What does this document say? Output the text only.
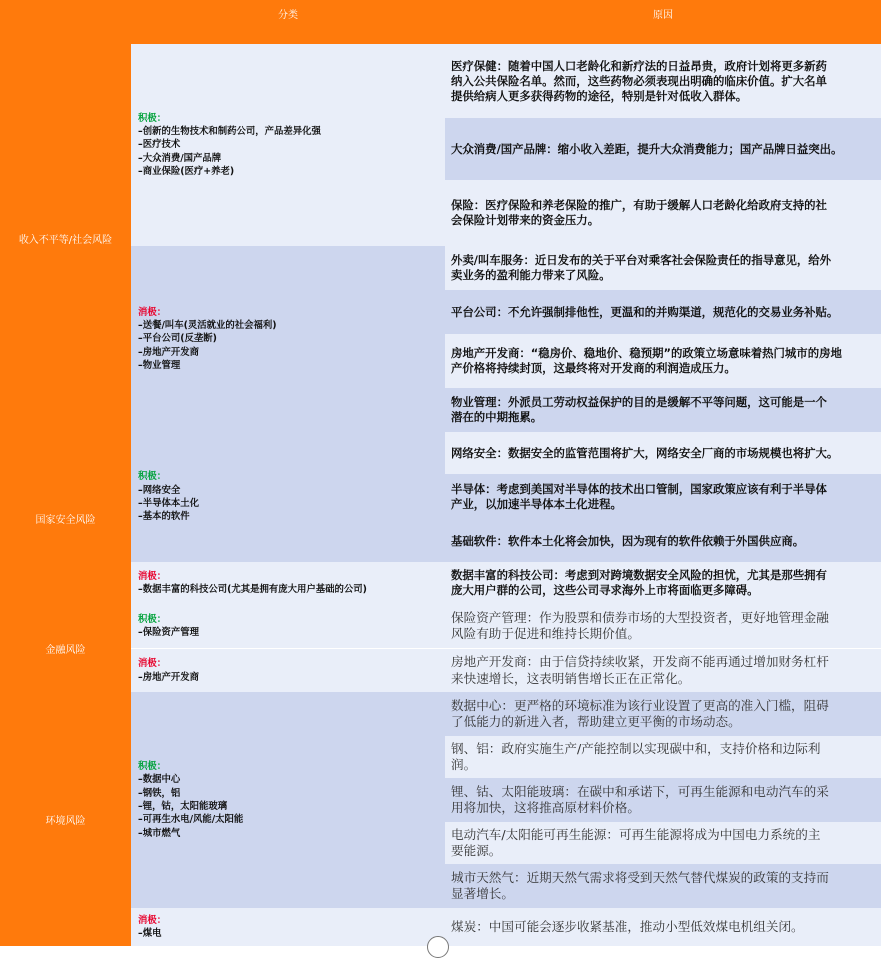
分类	原因
收入不平等/社会风险
国家安全风险
金融风险
环境风险
积极：
–创新的生物技术和制药公司，产品差异化强
–医疗技术
–大众消费/国产品牌
–商业保险(医疗+养老)
消极：
–送餐/叫车(灵活就业的社会福利)
–平台公司(反垄断)
–房地产开发商
–物业管理
积极：
–网络安全
–半导体本土化
–基本的软件
消极：
–数据丰富的科技公司(尤其是拥有庞大用户基础的公司)
积极：
–保险资产管理
消极：
–房地产开发商
积极：
–数据中心
–钢铁，铝
–锂，钴，太阳能玻璃
–可再生水电/风能/太阳能
–城市燃气
消极：
–煤电
医疗保健：随着中国人口老龄化和新疗法的日益昂贵，政府计划将更多新药
纳入公共保险名单。然而，这些药物必须表现出明确的临床价值。扩大名单
提供给病人更多获得药物的途径，特别是针对低收入群体。
大众消费/国产品牌：缩小收入差距，提升大众消费能力；国产品牌日益突出。
保险：医疗保险和养老保险的推广，有助于缓解人口老龄化给政府支持的社
会保险计划带来的资金压力。
外卖/叫车服务：近日发布的关于平台对乘客社会保险责任的指导意见，给外
卖业务的盈利能力带来了风险。
平台公司：不允许强制排他性，更温和的并购渠道，规范化的交易业务补贴。
房地产开发商：“稳房价、稳地价、稳预期”的政策立场意味着热门城市的房地
产价格将持续封顶，这最终将对开发商的利润造成压力。
物业管理：外派员工劳动权益保护的目的是缓解不平等问题，这可能是一个
潜在的中期拖累。
网络安全：数据安全的监管范围将扩大，网络安全厂商的市场规模也将扩大。
半导体：考虑到美国对半导体的技术出口管制，国家政策应该有利于半导体
产业，以加速半导体本土化进程。
基础软件：软件本土化将会加快，因为现有的软件依赖于外国供应商。
数据丰富的科技公司：考虑到对跨境数据安全风险的担忧，尤其是那些拥有
庞大用户群的公司，这些公司寻求海外上市将面临更多障碍。
保险资产管理：作为股票和债券市场的大型投资者，更好地管理金融
风险有助于促进和维持长期价值。
房地产开发商：由于信贷持续收紧，开发商不能再通过增加财务杠杆
来快速增长，这表明销售增长正在正常化。
数据中心：更严格的环境标准为该行业设置了更高的准入门槛，阻碍
了低能力的新进入者，帮助建立更平衡的市场动态。
钢、铝：政府实施生产/产能控制以实现碳中和，支持价格和边际利
润。
锂、钴、太阳能玻璃：在碳中和承诺下，可再生能源和电动汽车的采
用将加快，这将推高原材料价格。
电动汽车/太阳能可再生能源：可再生能源将成为中国电力系统的主
要能源。
城市天然气：近期天然气需求将受到天然气替代煤炭的政策的支持而
显著增长。
煤炭：中国可能会逐步收紧基准，推动小型低效煤电机组关闭。
